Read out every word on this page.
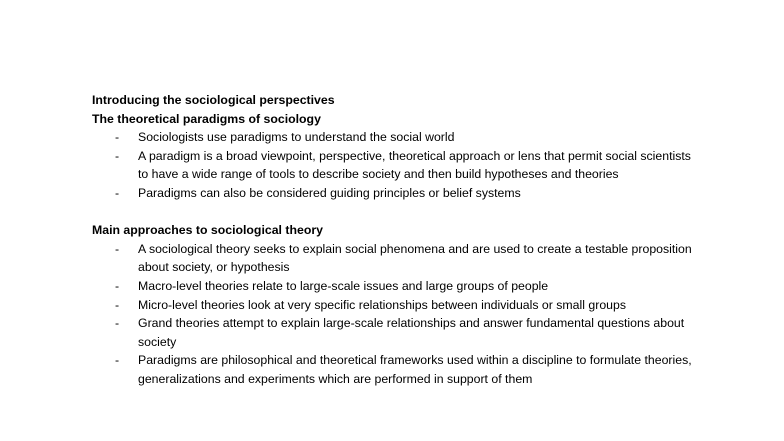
Introducing the sociological perspectives

The theoretical paradigms of sociology

- Sociologists use paradigms to understand the social world
- A paradigm is a broad viewpoint, perspective, theoretical approach or lens that permit social scientists to have a wide range of tools to describe society and then build hypotheses and theories
- Paradigms can also be considered guiding principles or belief systems

Main approaches to sociological theory

- A sociological theory seeks to explain social phenomena and are used to create a testable proposition about society, or hypothesis
- Macro-level theories relate to large-scale issues and large groups of people
- Micro-level theories look at very specific relationships between individuals or small groups
- Grand theories attempt to explain large-scale relationships and answer fundamental questions about society
- Paradigms are philosophical and theoretical frameworks used within a discipline to formulate theories, generalizations and experiments which are performed in support of them
